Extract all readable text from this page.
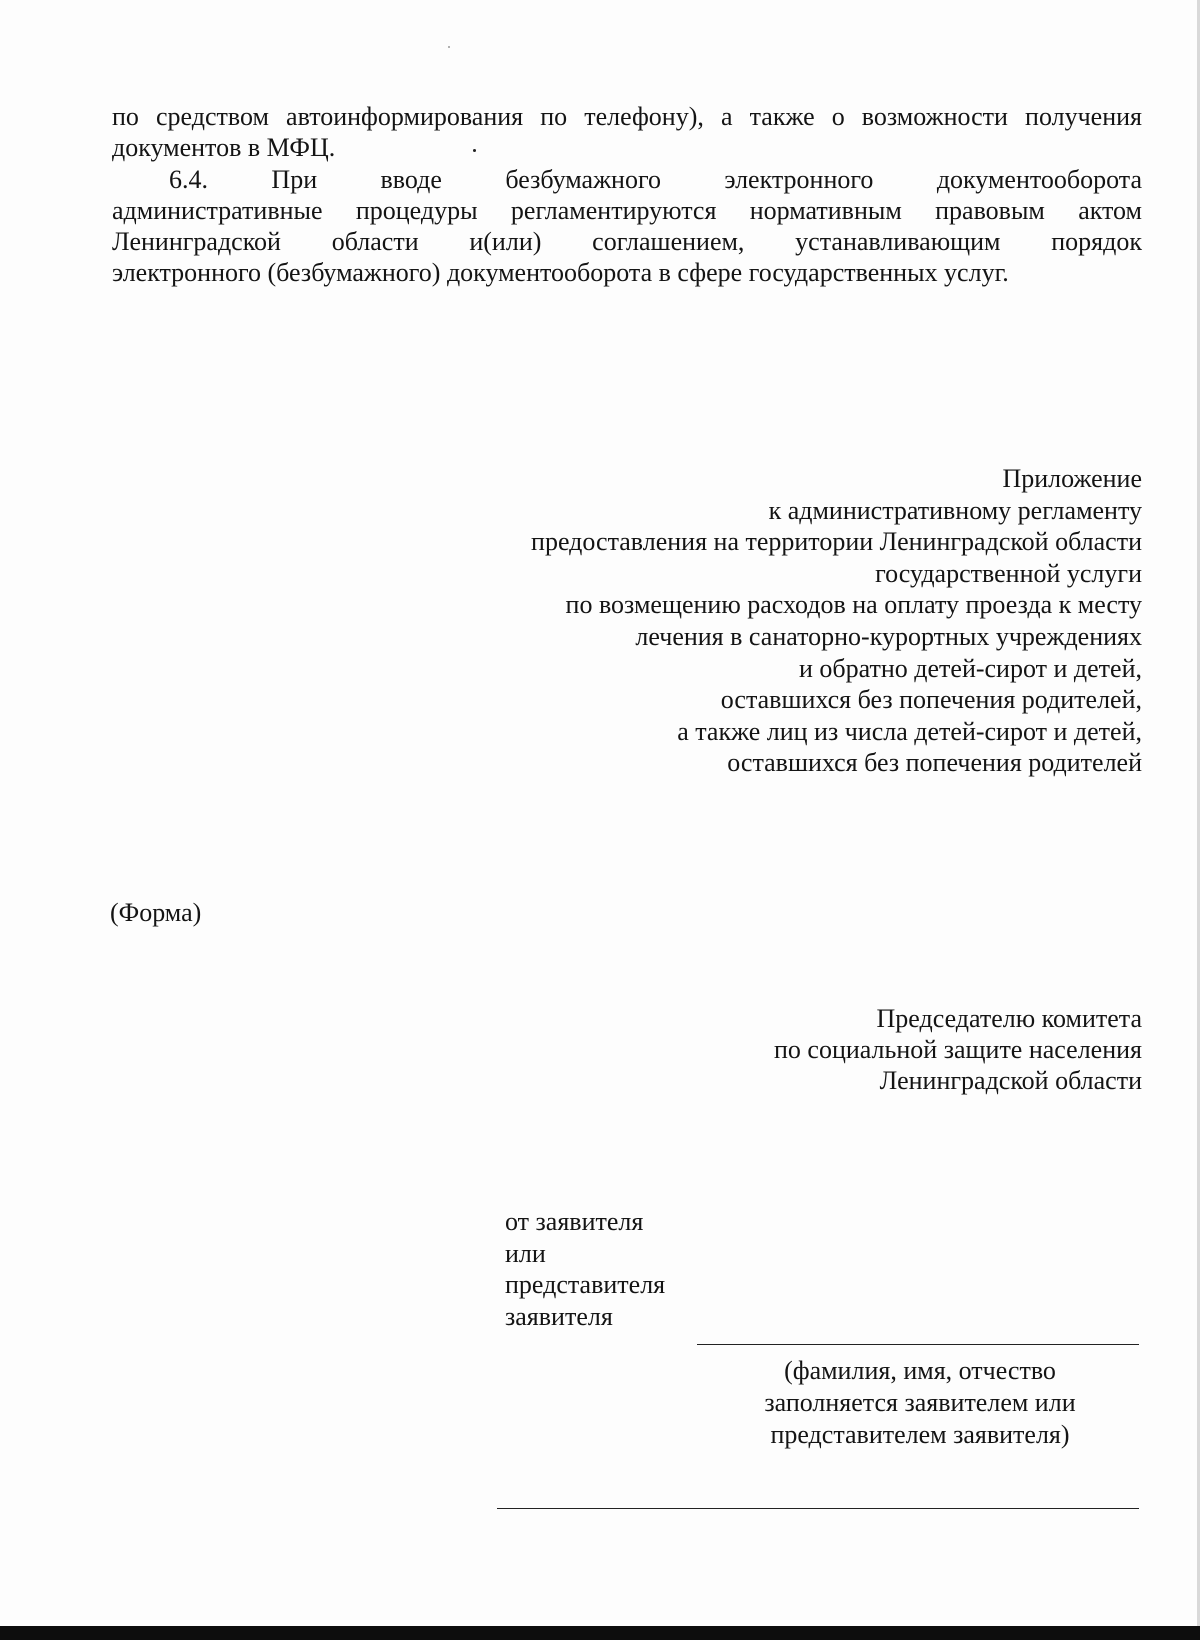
по средством автоинформирования по телефону), а также о возможности получения
документов в МФЦ.
6.4. При вводе безбумажного электронного документооборота
административные процедуры регламентируются нормативным правовым актом
Ленинградской области и(или) соглашением, устанавливающим порядок
электронного (безбумажного) документооборота в сфере государственных услуг.
Приложение
к административному регламенту
предоставления на территории Ленинградской области
государственной услуги
по возмещению расходов на оплату проезда к месту
лечения в санаторно-курортных учреждениях
и обратно детей-сирот и детей,
оставшихся без попечения родителей,
а также лиц из числа детей-сирот и детей,
оставшихся без попечения родителей
(Форма)
Председателю комитета
по социальной защите населения
Ленинградской области
от заявителя
или
представителя
заявителя
(фамилия, имя, отчество
заполняется заявителем или
представителем заявителя)
